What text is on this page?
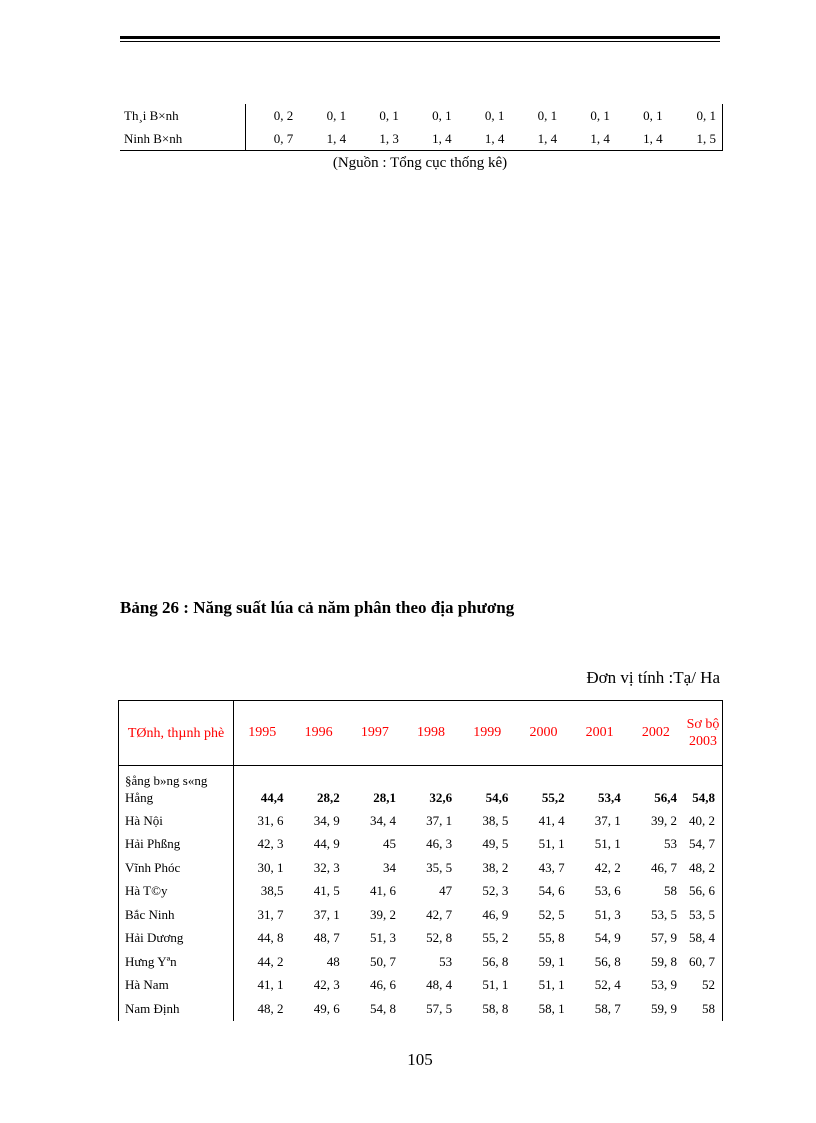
Th¸i B×nh	0, 2	0, 1	0, 1	0, 1	0, 1	0, 1	0, 1	0, 1	0, 1
Ninh B×nh	0, 7	1, 4	1, 3	1, 4	1, 4	1, 4	1, 4	1, 4	1, 5
(Nguồn : Tổng cục thống kê)
Bảng 26 : Năng suất lúa cả năm phân theo địa phương
Đơn vị tính :Tạ/ Ha
TØnh, thµnh phè	1995	1996	1997	1998	1999	2000	2001	2002	Sơ bộ 2003
§ång b»ng s«ng Hång	44,4	28,2	28,1	32,6	54,6	55,2	53,4	56,4	54,8
Hà Nội	31, 6	34, 9	34, 4	37, 1	38, 5	41, 4	37, 1	39, 2	40, 2
Hải Phßng	42, 3	44, 9	45	46, 3	49, 5	51, 1	51, 1	53	54, 7
Vĩnh Phóc	30, 1	32, 3	34	35, 5	38, 2	43, 7	42, 2	46, 7	48, 2
Hà T©y	38,5	41, 5	41, 6	47	52, 3	54, 6	53, 6	58	56, 6
Bắc Ninh	31, 7	37, 1	39, 2	42, 7	46, 9	52, 5	51, 3	53, 5	53, 5
Hải Dương	44, 8	48, 7	51, 3	52, 8	55, 2	55, 8	54, 9	57, 9	58, 4
Hưng Yªn	44, 2	48	50, 7	53	56, 8	59, 1	56, 8	59, 8	60, 7
Hà Nam	41, 1	42, 3	46, 6	48, 4	51, 1	51, 1	52, 4	53, 9	52
Nam Định	48, 2	49, 6	54, 8	57, 5	58, 8	58, 1	58, 7	59, 9	58
105
